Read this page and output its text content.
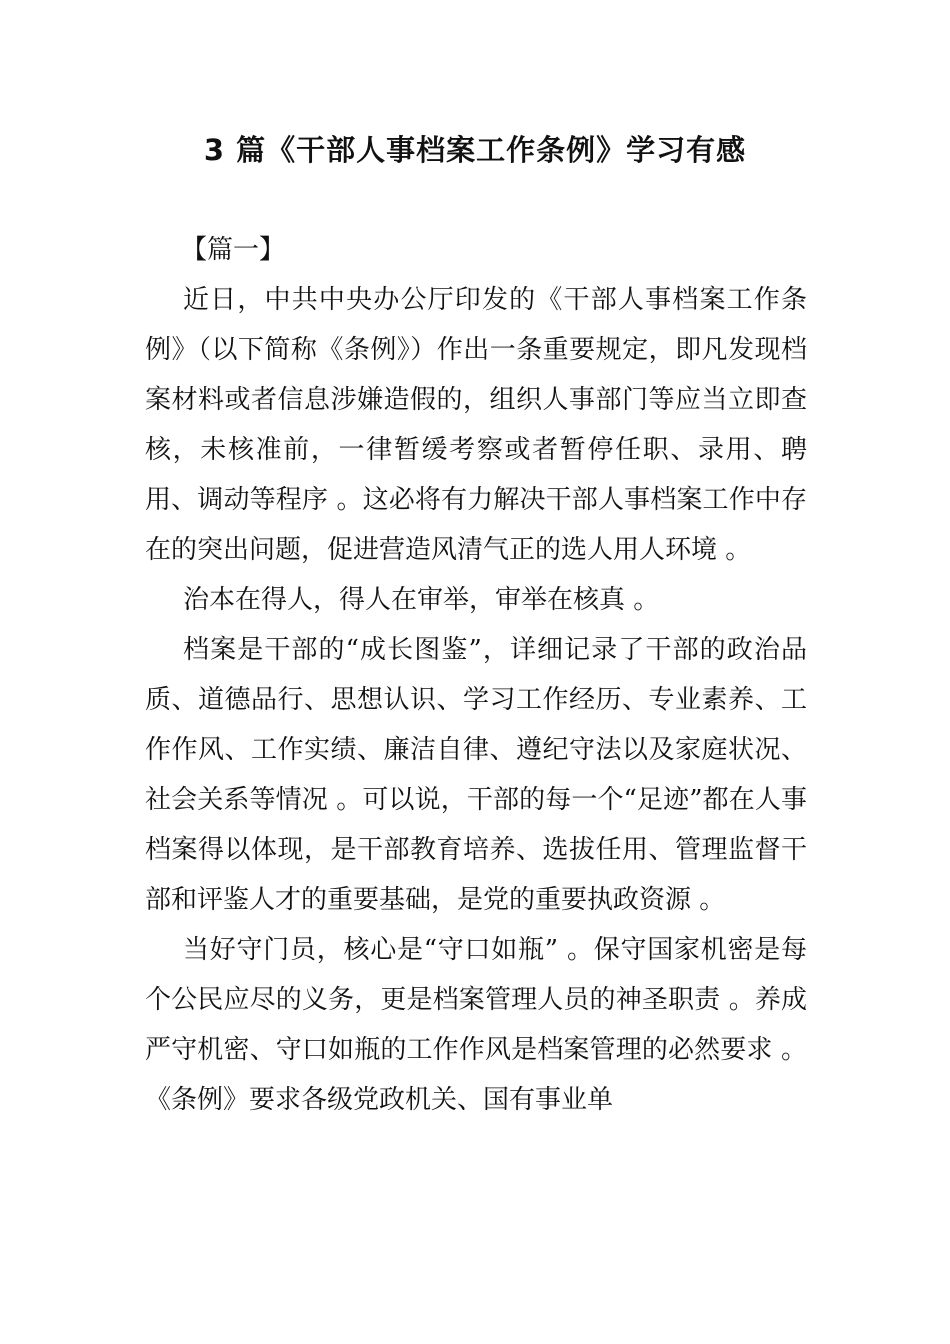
3 篇《干部人事档案工作条例》学习有感

【篇一】

近日，中共中央办公厅印发的《干部人事档案工作条例》（以下简称《条例》）作出一条重要规定，即凡发现档案材料或者信息涉嫌造假的，组织人事部门等应当立即查核，未核准前，一律暂缓考察或者暂停任职、录用、聘用、调动等程序 。这必将有力解决干部人事档案工作中存在的突出问题，促进营造风清气正的选人用人环境 。

治本在得人，得人在审举，审举在核真 。

档案是干部的“成长图鉴”，详细记录了干部的政治品质、道德品行、思想认识、学习工作经历、专业素养、工作作风、工作实绩、廉洁自律、遵纪守法以及家庭状况、社会关系等情况 。可以说，干部的每一个“足迹”都在人事档案得以体现，是干部教育培养、选拔任用、管理监督干部和评鉴人才的重要基础，是党的重要执政资源 。

当好守门员，核心是“守口如瓶” 。保守国家机密是每个公民应尽的义务，更是档案管理人员的神圣职责 。养成严守机密、守口如瓶的工作作风是档案管理的必然要求 。《条例》要求各级党政机关、国有事业单
